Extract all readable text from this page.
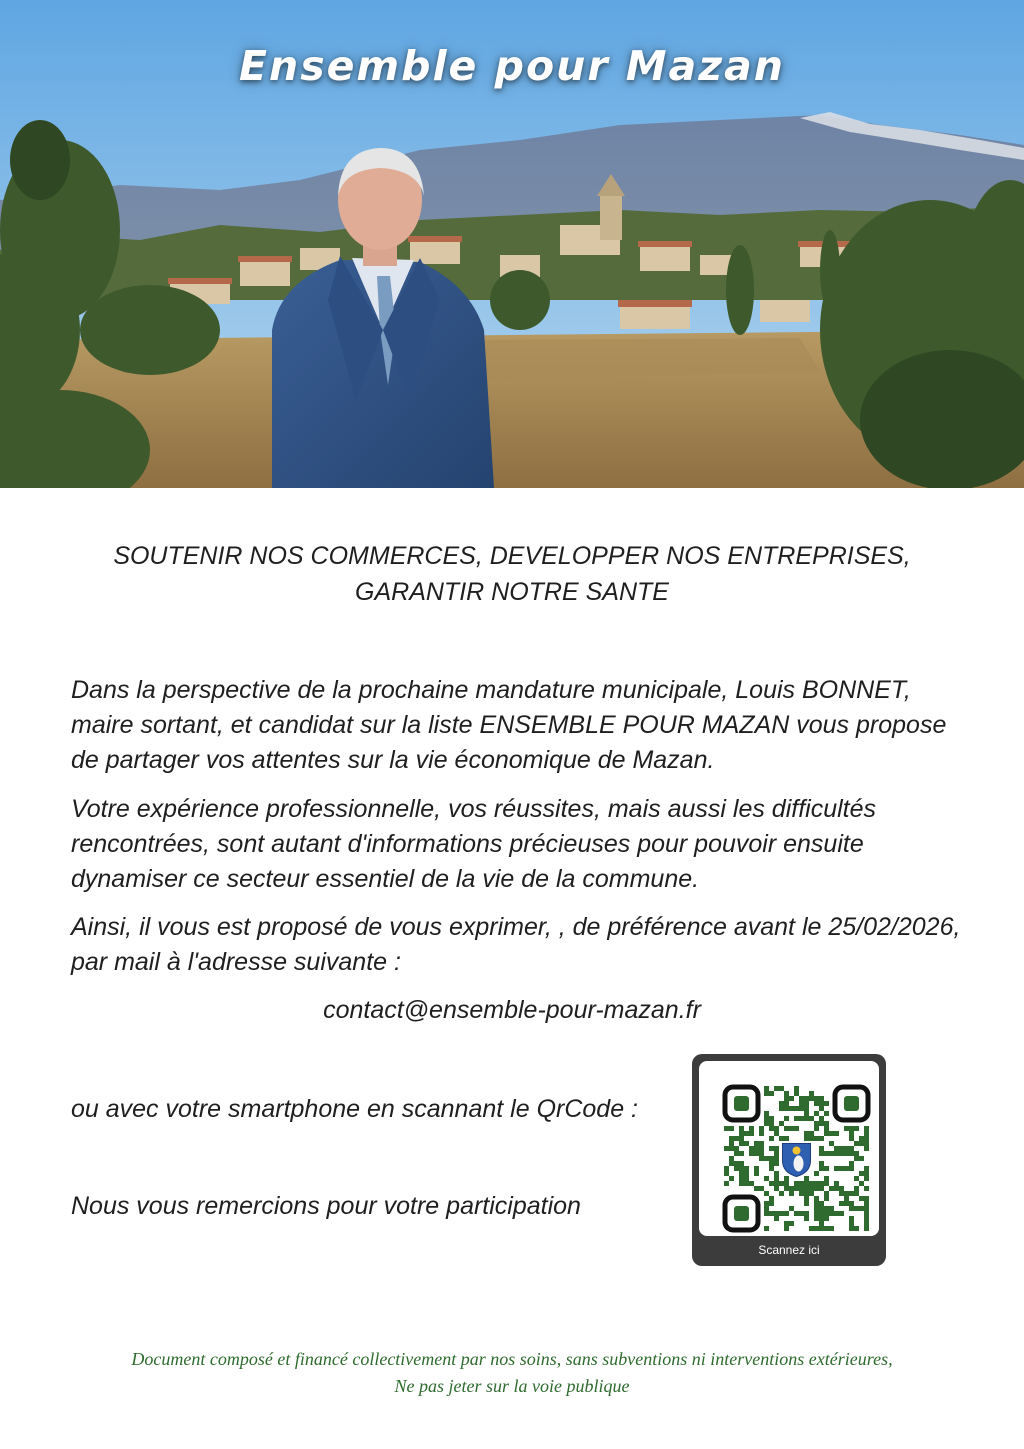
Ensemble pour Mazan
SOUTENIR NOS COMMERCES, DEVELOPPER NOS ENTREPRISES,
GARANTIR NOTRE SANTE

Dans la perspective de la prochaine mandature municipale, Louis BONNET, maire sortant, et candidat sur la liste ENSEMBLE POUR MAZAN vous propose de partager vos attentes sur la vie économique de Mazan.

Votre expérience professionnelle, vos réussites, mais aussi les difficultés rencontrées, sont autant d'informations précieuses pour pouvoir ensuite dynamiser ce secteur essentiel de la vie de la commune.

Ainsi, il vous est proposé de vous exprimer, , de préférence avant le 25/02/2026, par mail à l'adresse suivante :

contact@ensemble-pour-mazan.fr

ou avec votre smartphone en scannant le QrCode :

Nous vous remercions pour votre participation

Scannez ici
Document composé et financé collectivement par nos soins, sans subventions ni interventions extérieures,
Ne pas jeter sur la voie publique
